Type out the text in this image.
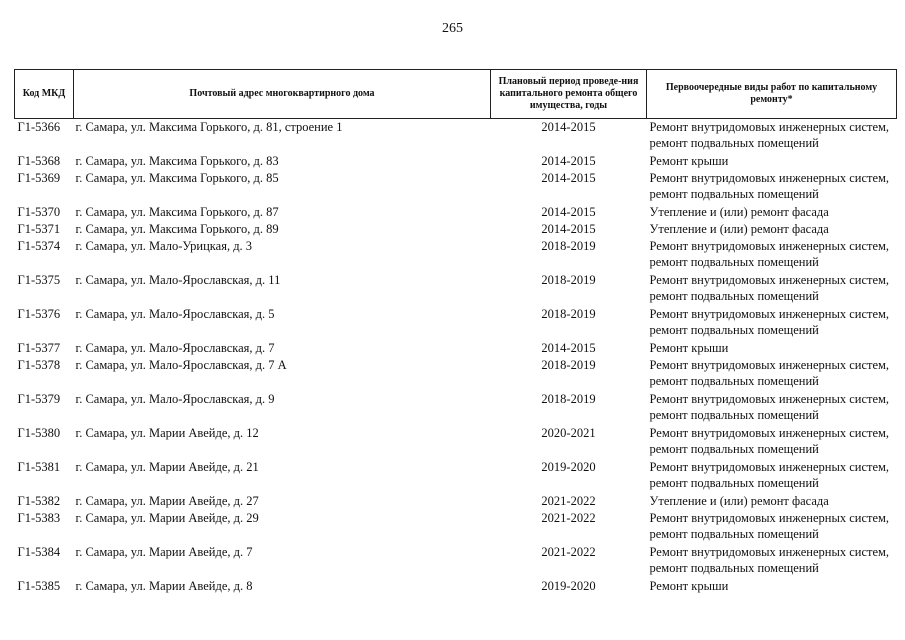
265
Код МКД	Почтовый адрес многоквартирного дома	Плановый период проведе-ния капитального ремонта общего имущества, годы	Первоочередные виды работ по капитальному ремонту*
Г1-5366	г. Самара, ул. Максима Горького, д. 81, строение 1	2014-2015	Ремонт внутридомовых инженерных систем,
ремонт подвальных помещений

Г1-5368	г. Самара, ул. Максима Горького, д. 83	2014-2015	Ремонт крыши

Г1-5369	г. Самара, ул. Максима Горького, д. 85	2014-2015	Ремонт внутридомовых инженерных систем,
ремонт подвальных помещений

Г1-5370	г. Самара, ул. Максима Горького, д. 87	2014-2015	Утепление и (или) ремонт фасада

Г1-5371	г. Самара, ул. Максима Горького, д. 89	2014-2015	Утепление и (или) ремонт фасада

Г1-5374	г. Самара, ул. Мало-Урицкая, д. 3	2018-2019	Ремонт внутридомовых инженерных систем,
ремонт подвальных помещений

Г1-5375	г. Самара, ул. Мало-Ярославская, д. 11	2018-2019	Ремонт внутридомовых инженерных систем,
ремонт подвальных помещений

Г1-5376	г. Самара, ул. Мало-Ярославская, д. 5	2018-2019	Ремонт внутридомовых инженерных систем,
ремонт подвальных помещений

Г1-5377	г. Самара, ул. Мало-Ярославская, д. 7	2014-2015	Ремонт крыши

Г1-5378	г. Самара, ул. Мало-Ярославская, д. 7 А	2018-2019	Ремонт внутридомовых инженерных систем,
ремонт подвальных помещений

Г1-5379	г. Самара, ул. Мало-Ярославская, д. 9	2018-2019	Ремонт внутридомовых инженерных систем,
ремонт подвальных помещений

Г1-5380	г. Самара, ул. Марии Авейде, д. 12	2020-2021	Ремонт внутридомовых инженерных систем,
ремонт подвальных помещений

Г1-5381	г. Самара, ул. Марии Авейде, д. 21	2019-2020	Ремонт внутридомовых инженерных систем,
ремонт подвальных помещений

Г1-5382	г. Самара, ул. Марии Авейде, д. 27	2021-2022	Утепление и (или) ремонт фасада

Г1-5383	г. Самара, ул. Марии Авейде, д. 29	2021-2022	Ремонт внутридомовых инженерных систем,
ремонт подвальных помещений

Г1-5384	г. Самара, ул. Марии Авейде, д. 7	2021-2022	Ремонт внутридомовых инженерных систем,
ремонт подвальных помещений

Г1-5385	г. Самара, ул. Марии Авейде, д. 8	2019-2020	Ремонт крыши
